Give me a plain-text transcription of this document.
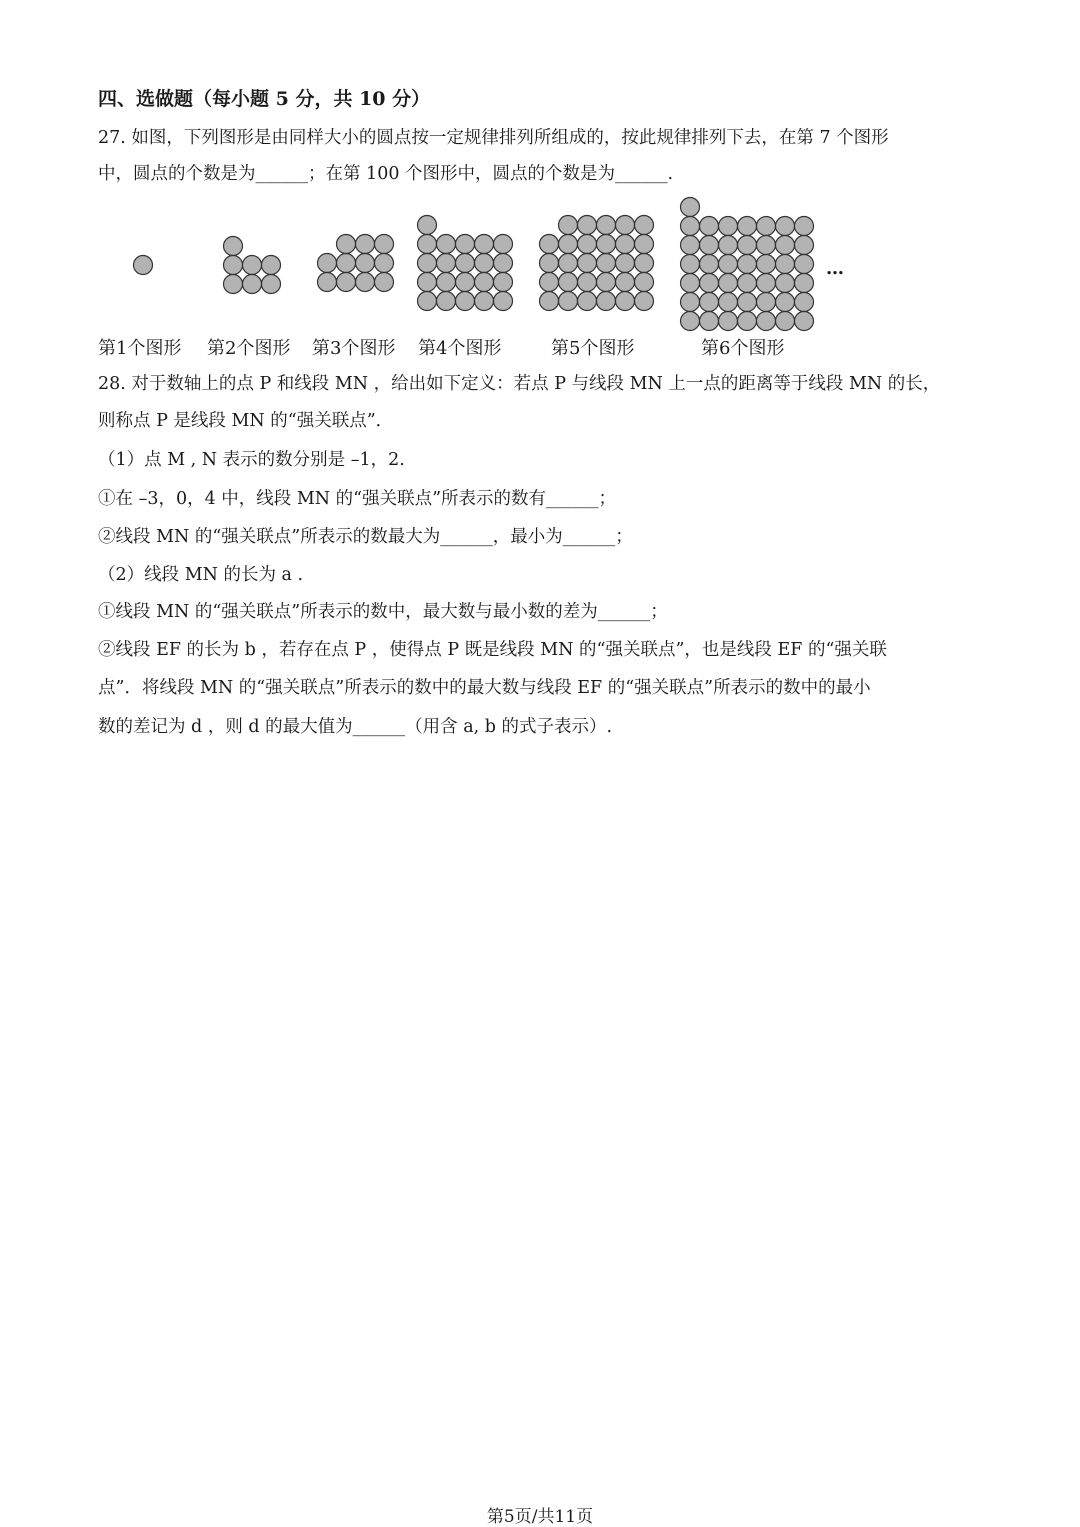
四、选做题（每小题 5 分，共 10 分）
27. 如图，下列图形是由同样大小的圆点按一定规律排列所组成的，按此规律排列下去，在第 7 个图形
中，圆点的个数是为______；在第 100 个图形中，圆点的个数是为______.
…
第1个图形 第2个图形 第3个图形 第4个图形	第5个图形	第6个图形
28. 对于数轴上的点 P 和线段 MN ，给出如下定义：若点 P 与线段 MN 上一点的距离等于线段 MN 的长，
则称点 P 是线段 MN 的“强关联点”．
（1）点 M , N 表示的数分别是 –1，2.
①在 –3，0，4 中，线段 MN 的“强关联点”所表示的数有______；
②线段 MN 的“强关联点”所表示的数最大为______，最小为______；
（2）线段 MN 的长为 a .
①线段 MN 的“强关联点”所表示的数中，最大数与最小数的差为______；
②线段 EF 的长为 b ，若存在点 P ，使得点 P 既是线段 MN 的“强关联点”，也是线段 EF 的“强关联
点”．将线段 MN 的“强关联点”所表示的数中的最大数与线段 EF 的“强关联点”所表示的数中的最小
数的差记为 d ，则 d 的最大值为______（用含 a, b 的式子表示）.
第5页/共11页
